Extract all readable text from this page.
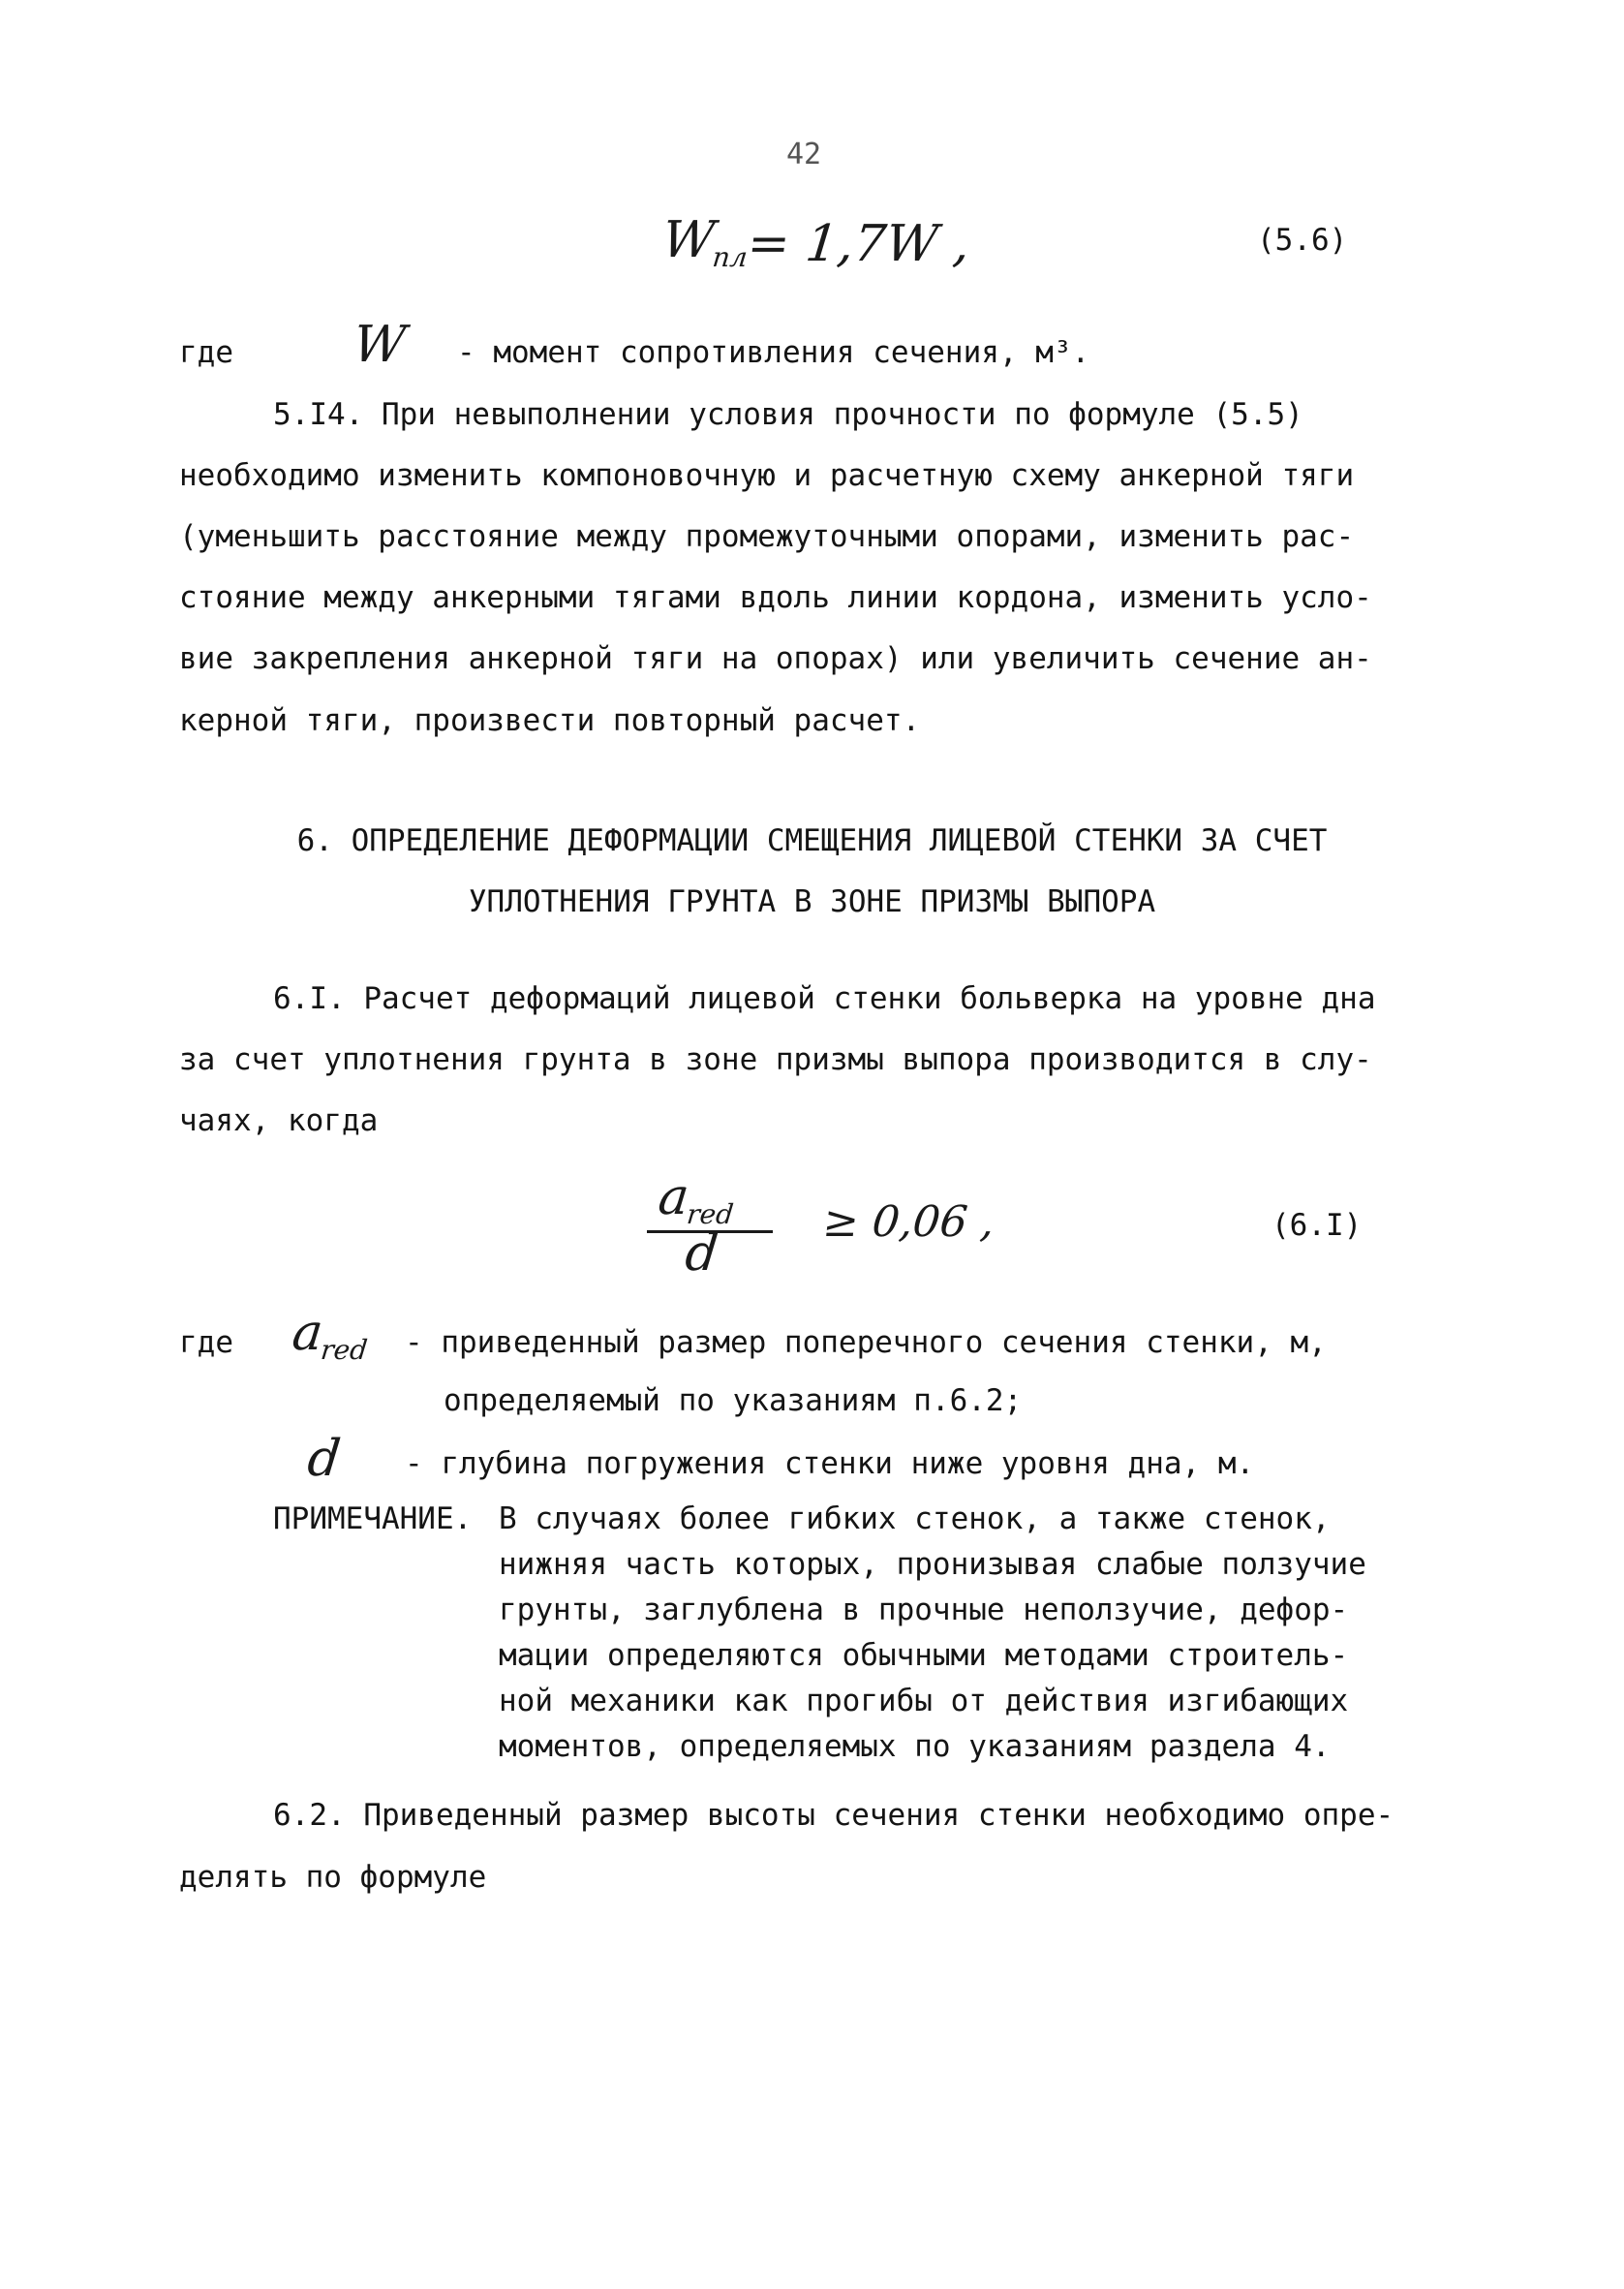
42
$W_{пл}$
= 1,7W ,	(5.6)
где W - момент сопротивления сечения, м³.
5.I4. При невыполнении условия прочности по формуле (5.5)
необходимо изменить компоновочную и расчетную схему анкерной тяги
(уменьшить расстояние между промежуточными опорами, изменить рас-
стояние между анкерными тягами вдоль линии кордона, изменить усло-
вие закрепления анкерной тяги на опорах) или увеличить сечение ан-
керной тяги, произвести повторный расчет.
6. ОПРЕДЕЛЕНИЕ ДЕФОРМАЦИИ СМЕЩЕНИЯ ЛИЦЕВОЙ СТЕНКИ ЗА СЧЕТ
УПЛОТНЕНИЯ ГРУНТА В ЗОНЕ ПРИЗМЫ ВЫПОРА
6.I. Расчет деформаций лицевой стенки больверка на уровне дна
за счет уплотнения грунта в зоне призмы выпора производится в слу-
чаях, когда
$a_{red}$
d
≥ 0,06 ,	(6.I)
где $a_{red}$ - приведенный размер поперечного сечения стенки, м,
определяемый по указаниям п.6.2;
d - глубина погружения стенки ниже уровня дна, м.
ПРИМЕЧАНИЕ. В случаях более гибких стенок, а также стенок,
нижняя часть которых, пронизывая слабые ползучие
грунты, заглублена в прочные неползучие, дефор-
мации определяются обычными методами строитель-
ной механики как прогибы от действия изгибающих
моментов, определяемых по указаниям раздела 4.
6.2. Приведенный размер высоты сечения стенки необходимо опре-
делять по формуле
